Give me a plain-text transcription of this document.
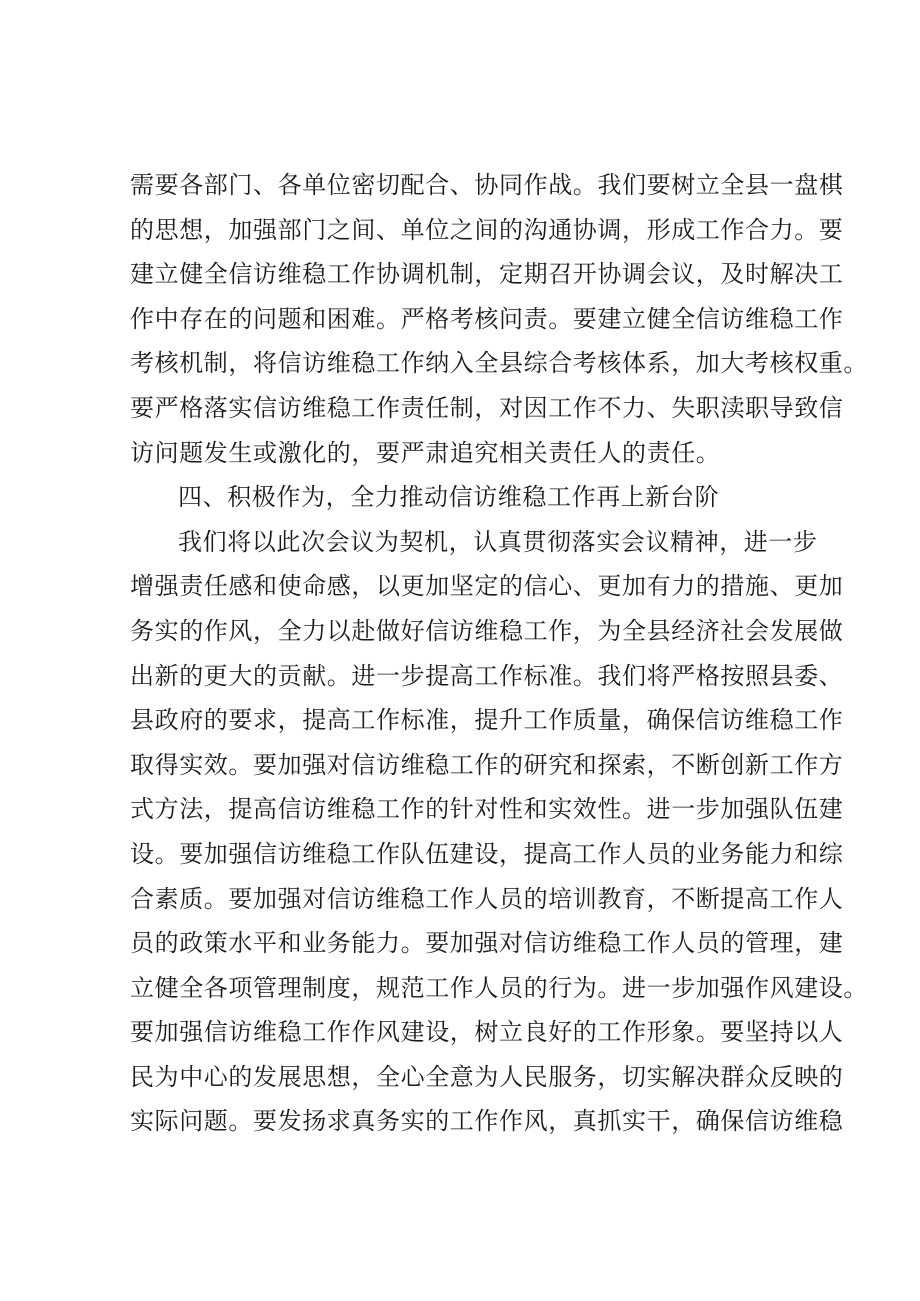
需要各部门、各单位密切配合、协同作战。我们要树立全县一盘棋
的思想，加强部门之间、单位之间的沟通协调，形成工作合力。要
建立健全信访维稳工作协调机制，定期召开协调会议，及时解决工
作中存在的问题和困难。严格考核问责。要建立健全信访维稳工作
考核机制，将信访维稳工作纳入全县综合考核体系，加大考核权重。
要严格落实信访维稳工作责任制，对因工作不力、失职渎职导致信
访问题发生或激化的，要严肃追究相关责任人的责任。
四、积极作为，全力推动信访维稳工作再上新台阶
我们将以此次会议为契机，认真贯彻落实会议精神，进一步
增强责任感和使命感，以更加坚定的信心、更加有力的措施、更加
务实的作风，全力以赴做好信访维稳工作，为全县经济社会发展做
出新的更大的贡献。进一步提高工作标准。我们将严格按照县委、
县政府的要求，提高工作标准，提升工作质量，确保信访维稳工作
取得实效。要加强对信访维稳工作的研究和探索，不断创新工作方
式方法，提高信访维稳工作的针对性和实效性。进一步加强队伍建
设。要加强信访维稳工作队伍建设，提高工作人员的业务能力和综
合素质。要加强对信访维稳工作人员的培训教育，不断提高工作人
员的政策水平和业务能力。要加强对信访维稳工作人员的管理，建
立健全各项管理制度，规范工作人员的行为。进一步加强作风建设。
要加强信访维稳工作作风建设，树立良好的工作形象。要坚持以人
民为中心的发展思想，全心全意为人民服务，切实解决群众反映的
实际问题。要发扬求真务实的工作作风，真抓实干，确保信访维稳
